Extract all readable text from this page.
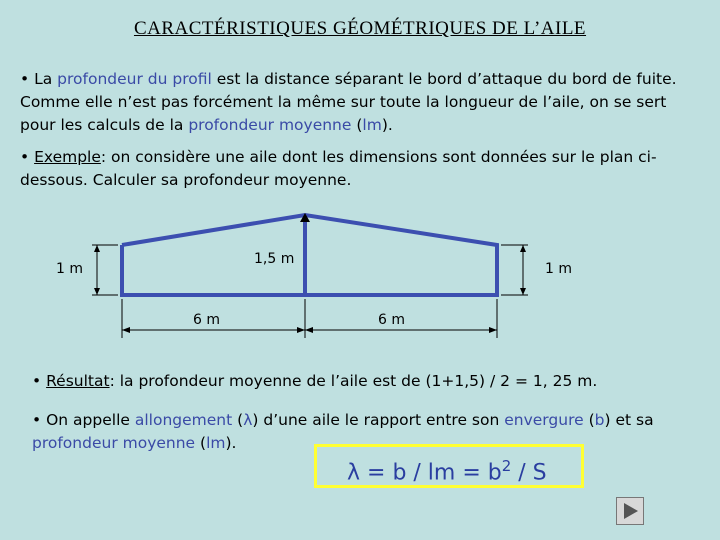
CARACTÉRISTIQUES GÉOMÉTRIQUES DE L’AILE
• La profondeur du profil est la distance séparant le bord d’attaque du bord de fuite. Comme elle n’est pas forcément la même sur toute la longueur de l’aile, on se sert pour les calculs de la profondeur moyenne (lm).
• Exemple: on considère une aile dont les dimensions sont données sur le plan ci-dessous. Calculer sa profondeur moyenne.
1 m
1,5 m
1 m
6 m	6 m
• Résultat: la profondeur moyenne de l’aile est de (1+1,5) / 2 = 1, 25 m.
• On appelle allongement (λ) d’une aile le rapport entre son envergure (b) et sa profondeur moyenne (lm).
λ = b / lm = $b^2$ / S
